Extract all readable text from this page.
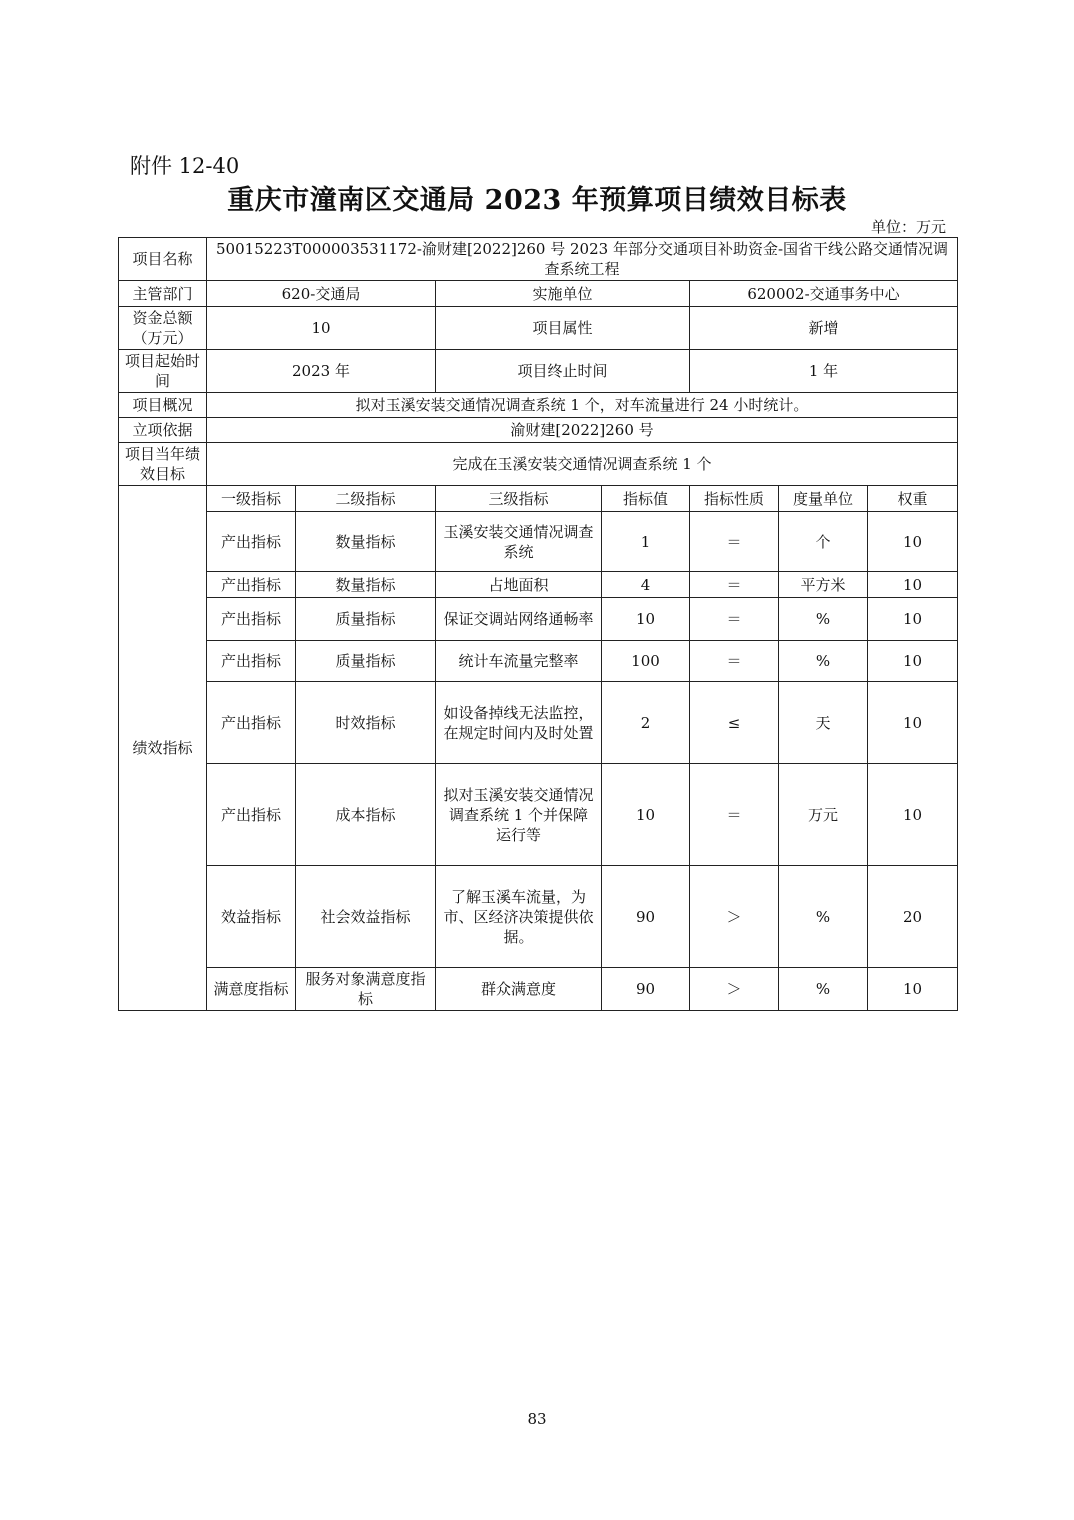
附件 12-40
重庆市潼南区交通局 2023 年预算项目绩效目标表
单位：万元
项目名称	50015223T000003531172-渝财建[2022]260 号 2023 年部分交通项目补助资金-国省干线公路交通情况调查系统工程						
主管部门	620-交通局		实施单位		620002-交通事务中心		
资金总额（万元）	10		项目属性		新增		
项目起始时间	2023 年		项目终止时间		1 年		
项目概况	拟对玉溪安装交通情况调查系统 1 个，对车流量进行 24 小时统计。						
立项依据	渝财建[2022]260 号						
项目当年绩效目标	完成在玉溪安装交通情况调查系统 1 个						
绩效指标	一级指标	二级指标	三级指标	指标值	指标性质	度量单位	权重
	产出指标	数量指标	玉溪安装交通情况调查系统	1	＝	个	10
	产出指标	数量指标	占地面积	4	＝	平方米	10
	产出指标	质量指标	保证交调站网络通畅率	10	＝	%	10
	产出指标	质量指标	统计车流量完整率	100	＝	%	10
	产出指标	时效指标	如设备掉线无法监控，在规定时间内及时处置	2	≤	天	10
	产出指标	成本指标	拟对玉溪安装交通情况调查系统 1 个并保障运行等	10	＝	万元	10
	效益指标	社会效益指标	了解玉溪车流量，为市、区经济决策提供依据。	90	＞	%	20
	满意度指标	服务对象满意度指标	群众满意度	90	＞	%	10
83
